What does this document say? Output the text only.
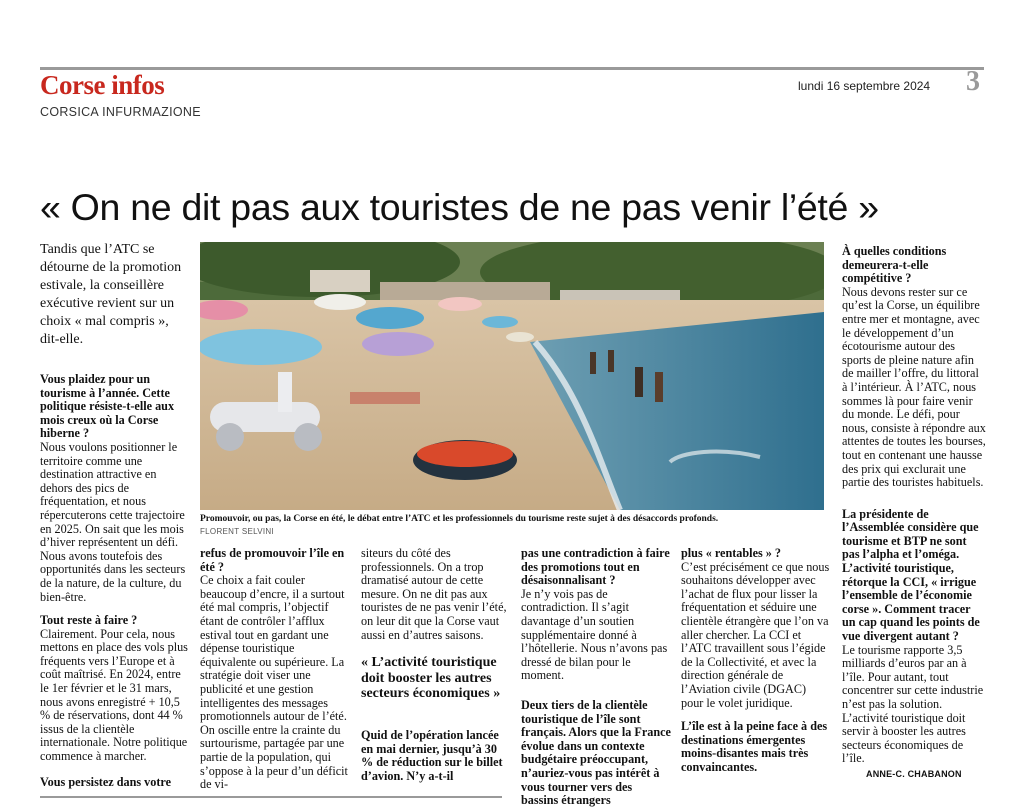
Corse infos
CORSICA INFURMAZIONE
lundi 16 septembre 2024 3
« On ne dit pas aux touristes de ne pas venir l’été »

Tandis que l’ATC se détourne de la promotion estivale, la conseillère exécutive revient sur un choix « mal compris », dit-elle.

Vous plaidez pour un tourisme à l’année. Cette politique résiste-t-elle aux mois creux où la Corse hiberne ?

Nous voulons positionner le territoire comme une destination attractive en dehors des pics de fréquentation, et nous répercuterons cette trajectoire en 2025. On sait que les mois d’hiver représentent un défi. Nous avons toutefois des opportunités dans les secteurs de la nature, de la culture, du bien-être.

Tout reste à faire ?

Clairement. Pour cela, nous mettons en place des vols plus fréquents vers l’Europe et à coût maîtrisé. En 2024, entre le 1er février et le 31 mars, nous avons enregistré + 10,5 % de réservations, dont 44 % issus de la clientèle internationale. Notre politique commence à marcher.

Vous persistez dans votre
Promouvoir, ou pas, la Corse en été, le débat entre l’ATC et les professionnels du tourisme reste sujet à des désaccords profonds.
FLORENT SELVINI
refus de promouvoir l’île en été ?

Ce choix a fait couler beaucoup d’encre, il a surtout été mal compris, l’objectif étant de contrôler l’afflux estival tout en gardant une dépense touristique équivalente ou supérieure. La stratégie doit viser une publicité et une gestion intelligentes des messages promotionnels autour de l’été. On oscille entre la crainte du surtourisme, partagée par une partie de la population, qui s’oppose à la peur d’un déficit de vi-

siteurs du côté des professionnels. On a trop dramatisé autour de cette mesure. On ne dit pas aux touristes de ne pas venir l’été, on leur dit que la Corse vaut aussi en d’autres saisons.

« L’activité touristique doit booster les autres secteurs économiques »
Quid de l’opération lancée en mai dernier, jusqu’à 30 % de réduction sur le billet d’avion. N’y a-t-il
pas une contradiction à faire des promotions tout en désaisonnalisant ?

Je n’y vois pas de contradiction. Il s’agit davantage d’un soutien supplémentaire donné à l’hôtellerie. Nous n’avons pas dressé de bilan pour le moment.

Deux tiers de la clientèle touristique de l’île sont français. Alors que la France évolue dans un contexte budgétaire préoccupant, n’auriez-vous pas intérêt à vous tourner vers des bassins étrangers
plus « rentables » ?

C’est précisément ce que nous souhaitons développer avec l’achat de flux pour lisser la fréquentation et séduire une clientèle étrangère que l’on va aller chercher. La CCI et l’ATC travaillent sous l’égide de la Collectivité, et avec la direction générale de l’Aviation civile (DGAC) pour le volet juridique.

L’île est à la peine face à des destinations émergentes moins-disantes mais très convaincantes.
À quelles conditions demeurera-t-elle compétitive ?

Nous devons rester sur ce qu’est la Corse, un équilibre entre mer et montagne, avec le développement d’un écotourisme autour des sports de pleine nature afin de mailler l’offre, du littoral à l’intérieur. À l’ATC, nous sommes là pour faire venir du monde. Le défi, pour nous, consiste à répondre aux attentes de toutes les bourses, tout en contenant une hausse des prix qui exclurait une partie des touristes habituels.

La présidente de l’Assemblée considère que tourisme et BTP ne sont pas l’alpha et l’oméga. L’activité touristique, rétorque la CCI, « irrigue l’ensemble de l’économie corse ». Comment tracer un cap quand les points de vue divergent autant ?

Le tourisme rapporte 3,5 milliards d’euros par an à l’île. Pour autant, tout concentrer sur cette industrie n’est pas la solution. L’activité touristique doit servir à booster les autres secteurs économiques de l’île.

ANNE-C. CHABANON
